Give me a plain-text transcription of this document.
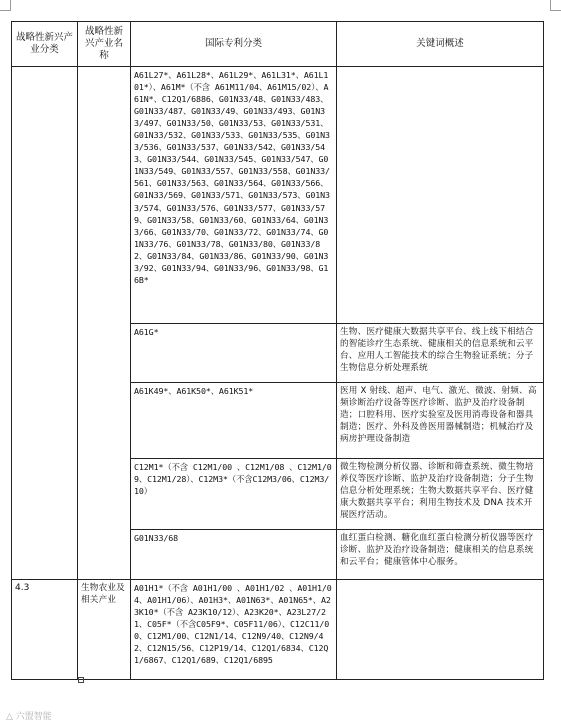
战略性新兴产业分类	战略性新兴产业名称	国际专利分类	关键词概述
		A61L27*、A61L28*、A61L29*、A61L31*、A61L101*）、A61M*（不含 A61M11/04、A61M15/02）、A61N*、C12Q1/6886、G01N33/48、G01N33/483、G01N33/487、G01N33/49、G01N33/493、G01N33/497、G01N33/50、G01N33/53、G01N33/531、G01N33/532、G01N33/533、G01N33/535、G01N33/536、G01N33/537、G01N33/542、G01N33/543、G01N33/544、G01N33/545、G01N33/547、G01N33/549、G01N33/557、G01N33/558、G01N33/561、G01N33/563、G01N33/564、G01N33/566、G01N33/569、G01N33/571、G01N33/573、G01N33/574、G01N33/576、G01N33/577、G01N33/579、G01N33/58、G01N33/60、G01N33/64、G01N33/66、G01N33/70、G01N33/72、G01N33/74、G01N33/76、G01N33/78、G01N33/80、G01N33/82、G01N33/84、G01N33/86、G01N33/90、G01N33/92、G01N33/94、G01N33/96、G01N33/98、G16B*	
		A61G*	生物、医疗健康大数据共享平台、线上线下相结合的智能诊疗生态系统、健康相关的信息系统和云平台、应用人工智能技术的综合生物验证系统；分子生物信息分析处理系统
		A61K49*、A61K50*、A61K51*	医用 X 射线、超声、电气、激光、微波、射频、高频诊断治疗设备等医疗诊断、监护及治疗设备制造；口腔科用、医疗实验室及医用消毒设备和器具制造；医疗、外科及兽医用器械制造；机械治疗及病房护理设备制造
		C12M1*（不含 C12M1/00 、C12M1/08 、C12M1/09、C12M1/28）、C12M3*（不含C12M3/06、C12M3/10）	微生物检测分析仪器、诊断和筛查系统、微生物培养仪等医疗诊断、监护及治疗设备制造；分子生物信息分析处理系统；生物大数据共享平台、医疗健康大数据共享平台；利用生物技术及 DNA 技术开展医疗活动。
		G01N33/68	血红蛋白检测、糖化血红蛋白检测分析仪器等医疗诊断、监护及治疗设备制造；健康相关的信息系统和云平台；健康管体中心服务。
4.3	生物农业及相关产业	A01H1*（不含 A01H1/00 、A01H1/02 、A01H1/04、A01H1/06）、A01H3*、A01N63*、A01N65*、A23K10*（不含 A23K10/12）、A23K20*、A23L27/21、C05F*（不含C05F9*、C05F11/06）、C12C11/00、C12M1/00、C12N1/14、C12N9/40、C12N9/42、C12N15/56、C12P19/14、C12Q1/6834、C12Q1/6867、C12Q1/689、C12Q1/6895	
△ 六盟智能
